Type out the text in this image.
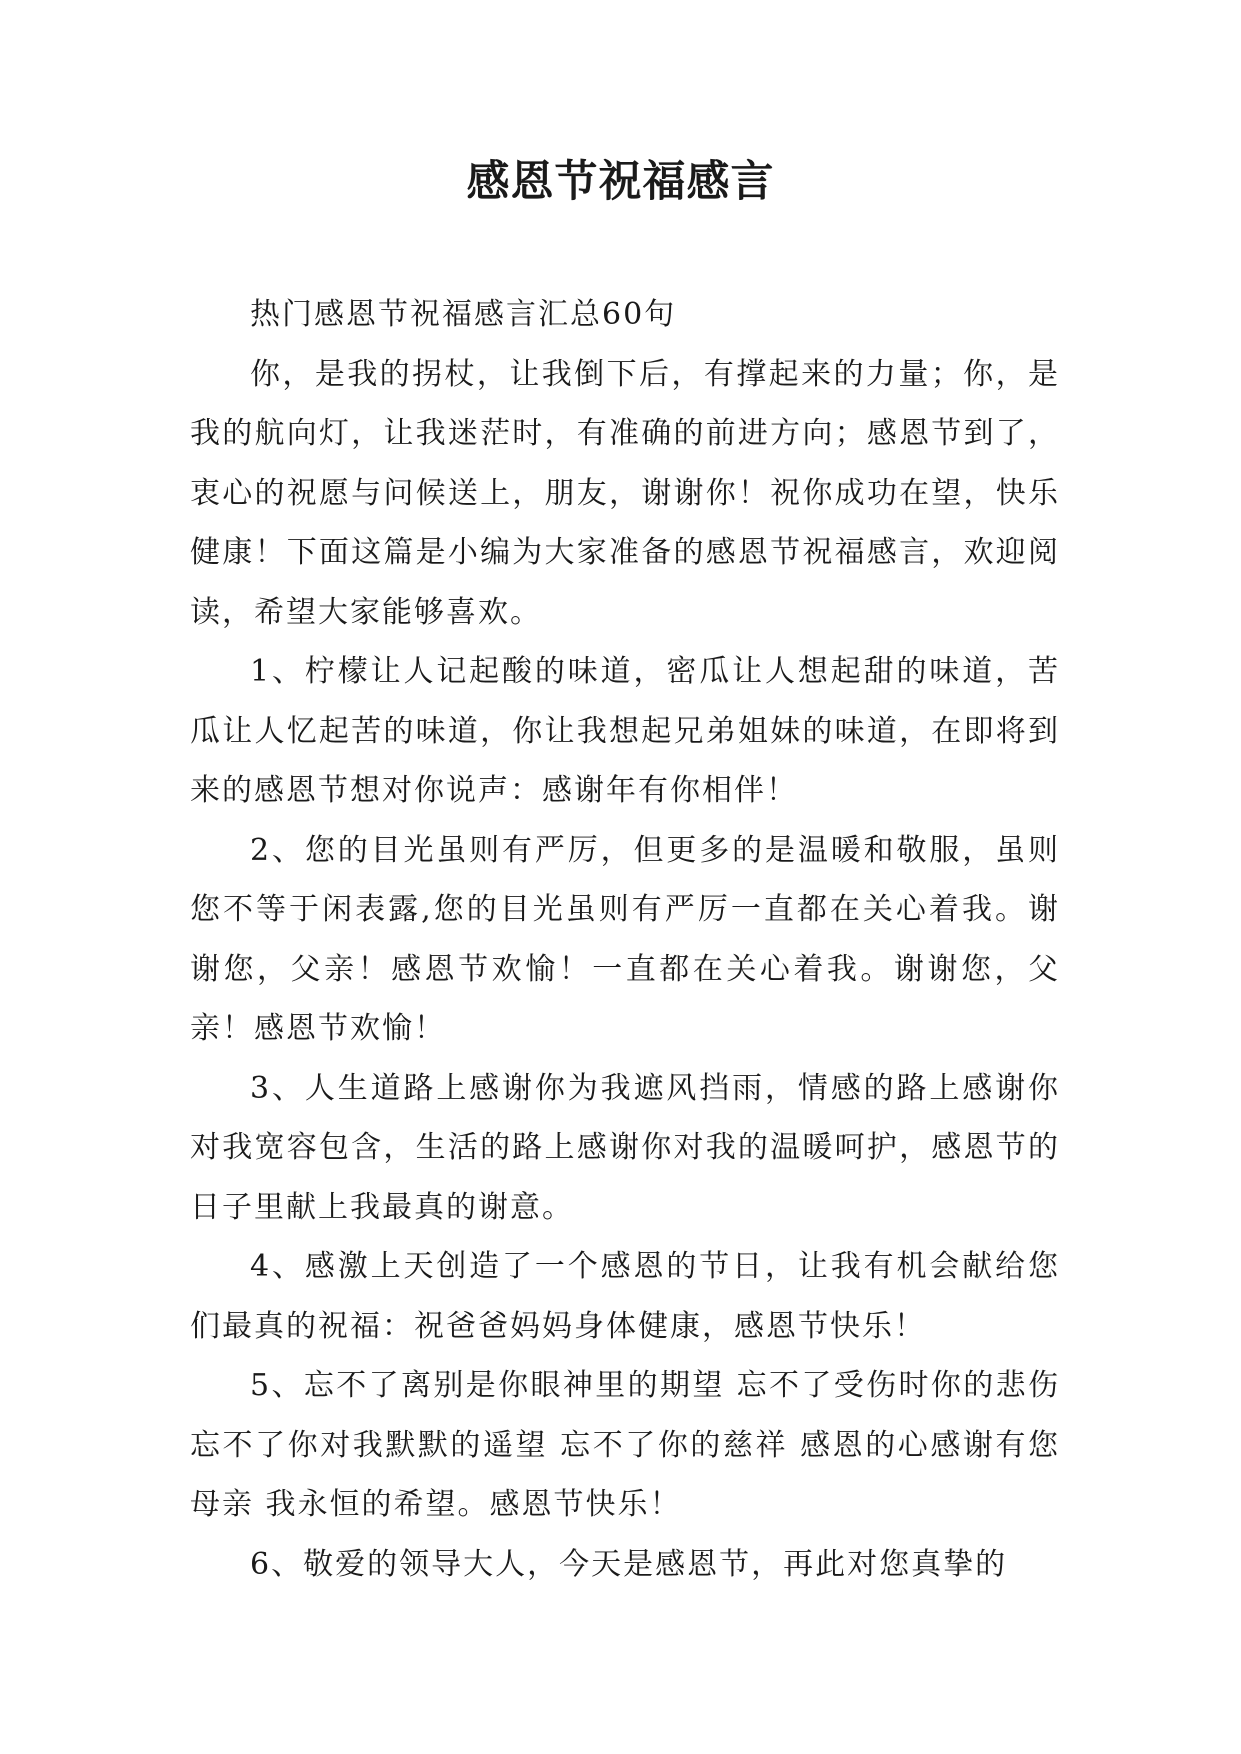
感恩节祝福感言

热门感恩节祝福感言汇总60句

你，是我的拐杖，让我倒下后，有撑起来的力量；你，是我的航向灯，让我迷茫时，有准确的前进方向；感恩节到了，衷心的祝愿与问候送上，朋友，谢谢你！祝你成功在望，快乐健康！下面这篇是小编为大家准备的感恩节祝福感言，欢迎阅读，希望大家能够喜欢。

1、柠檬让人记起酸的味道，密瓜让人想起甜的味道，苦瓜让人忆起苦的味道，你让我想起兄弟姐妹的味道，在即将到来的感恩节想对你说声：感谢年有你相伴！

2、您的目光虽则有严厉，但更多的是温暖和敬服，虽则您不等于闲表露,您的目光虽则有严厉一直都在关心着我。谢谢您，父亲！感恩节欢愉！一直都在关心着我。谢谢您，父亲！感恩节欢愉！

3、人生道路上感谢你为我遮风挡雨，情感的路上感谢你对我宽容包含，生活的路上感谢你对我的温暖呵护，感恩节的日子里献上我最真的谢意。

4、感激上天创造了一个感恩的节日，让我有机会献给您们最真的祝福：祝爸爸妈妈身体健康，感恩节快乐！

5、忘不了离别是你眼神里的期望 忘不了受伤时你的悲伤 忘不了你对我默默的遥望 忘不了你的慈祥 感恩的心感谢有您 母亲 我永恒的希望。感恩节快乐！

6、敬爱的领导大人，今天是感恩节，再此对您真挚的
